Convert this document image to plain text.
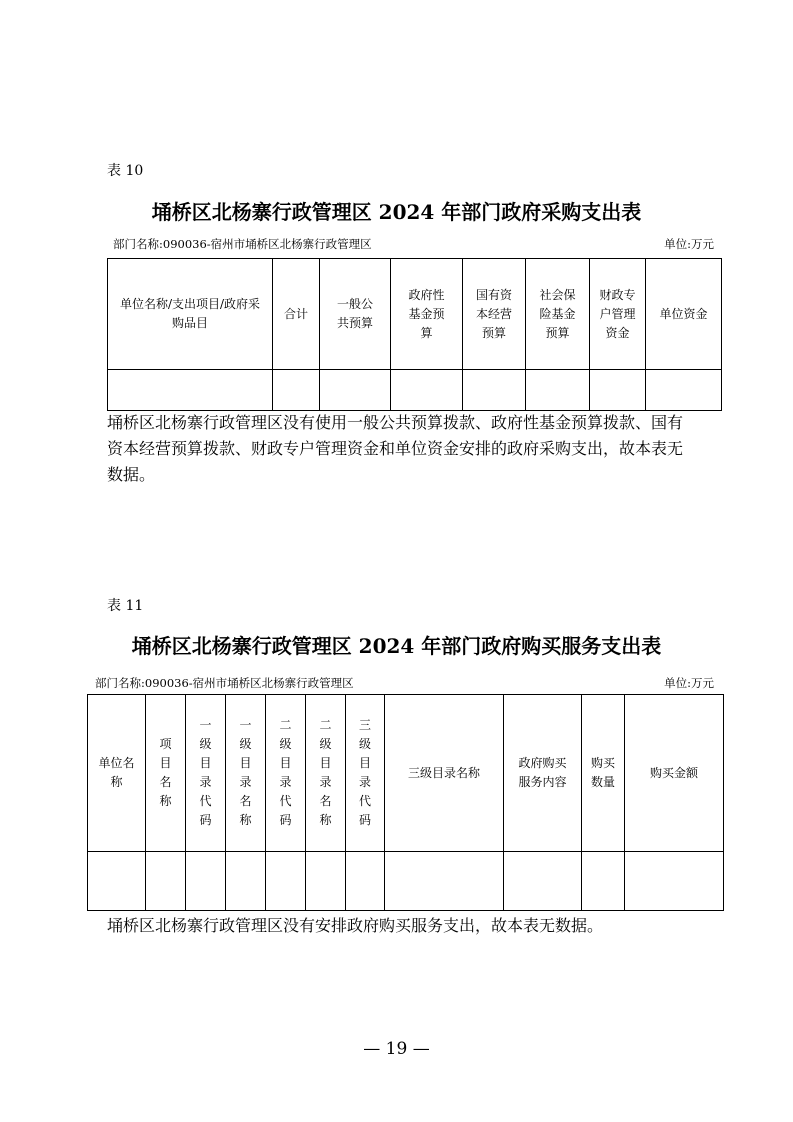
表 10
埇桥区北杨寨行政管理区 2024 年部门政府采购支出表
部门名称:090036-宿州市埇桥区北杨寨行政管理区	单位:万元
单位名称/支出项目/政府采购品目	合计	一般公共预算	政府性基金预算	国有资本经营预算	社会保险基金预算	财政专户管理资金	单位资金

埇桥区北杨寨行政管理区没有使用一般公共预算拨款、政府性基金预算拨款、国有资本经营预算拨款、财政专户管理资金和单位资金安排的政府采购支出，故本表无数据。
表 11
埇桥区北杨寨行政管理区 2024 年部门政府购买服务支出表
部门名称:090036-宿州市埇桥区北杨寨行政管理区	单位:万元
单位名称	项目名称	一级目录代码	一级目录名称	二级目录代码	二级目录名称	三级目录代码	三级目录名称	政府购买服务内容	购买数量	购买金额

埇桥区北杨寨行政管理区没有安排政府购买服务支出，故本表无数据。
— 19 —
